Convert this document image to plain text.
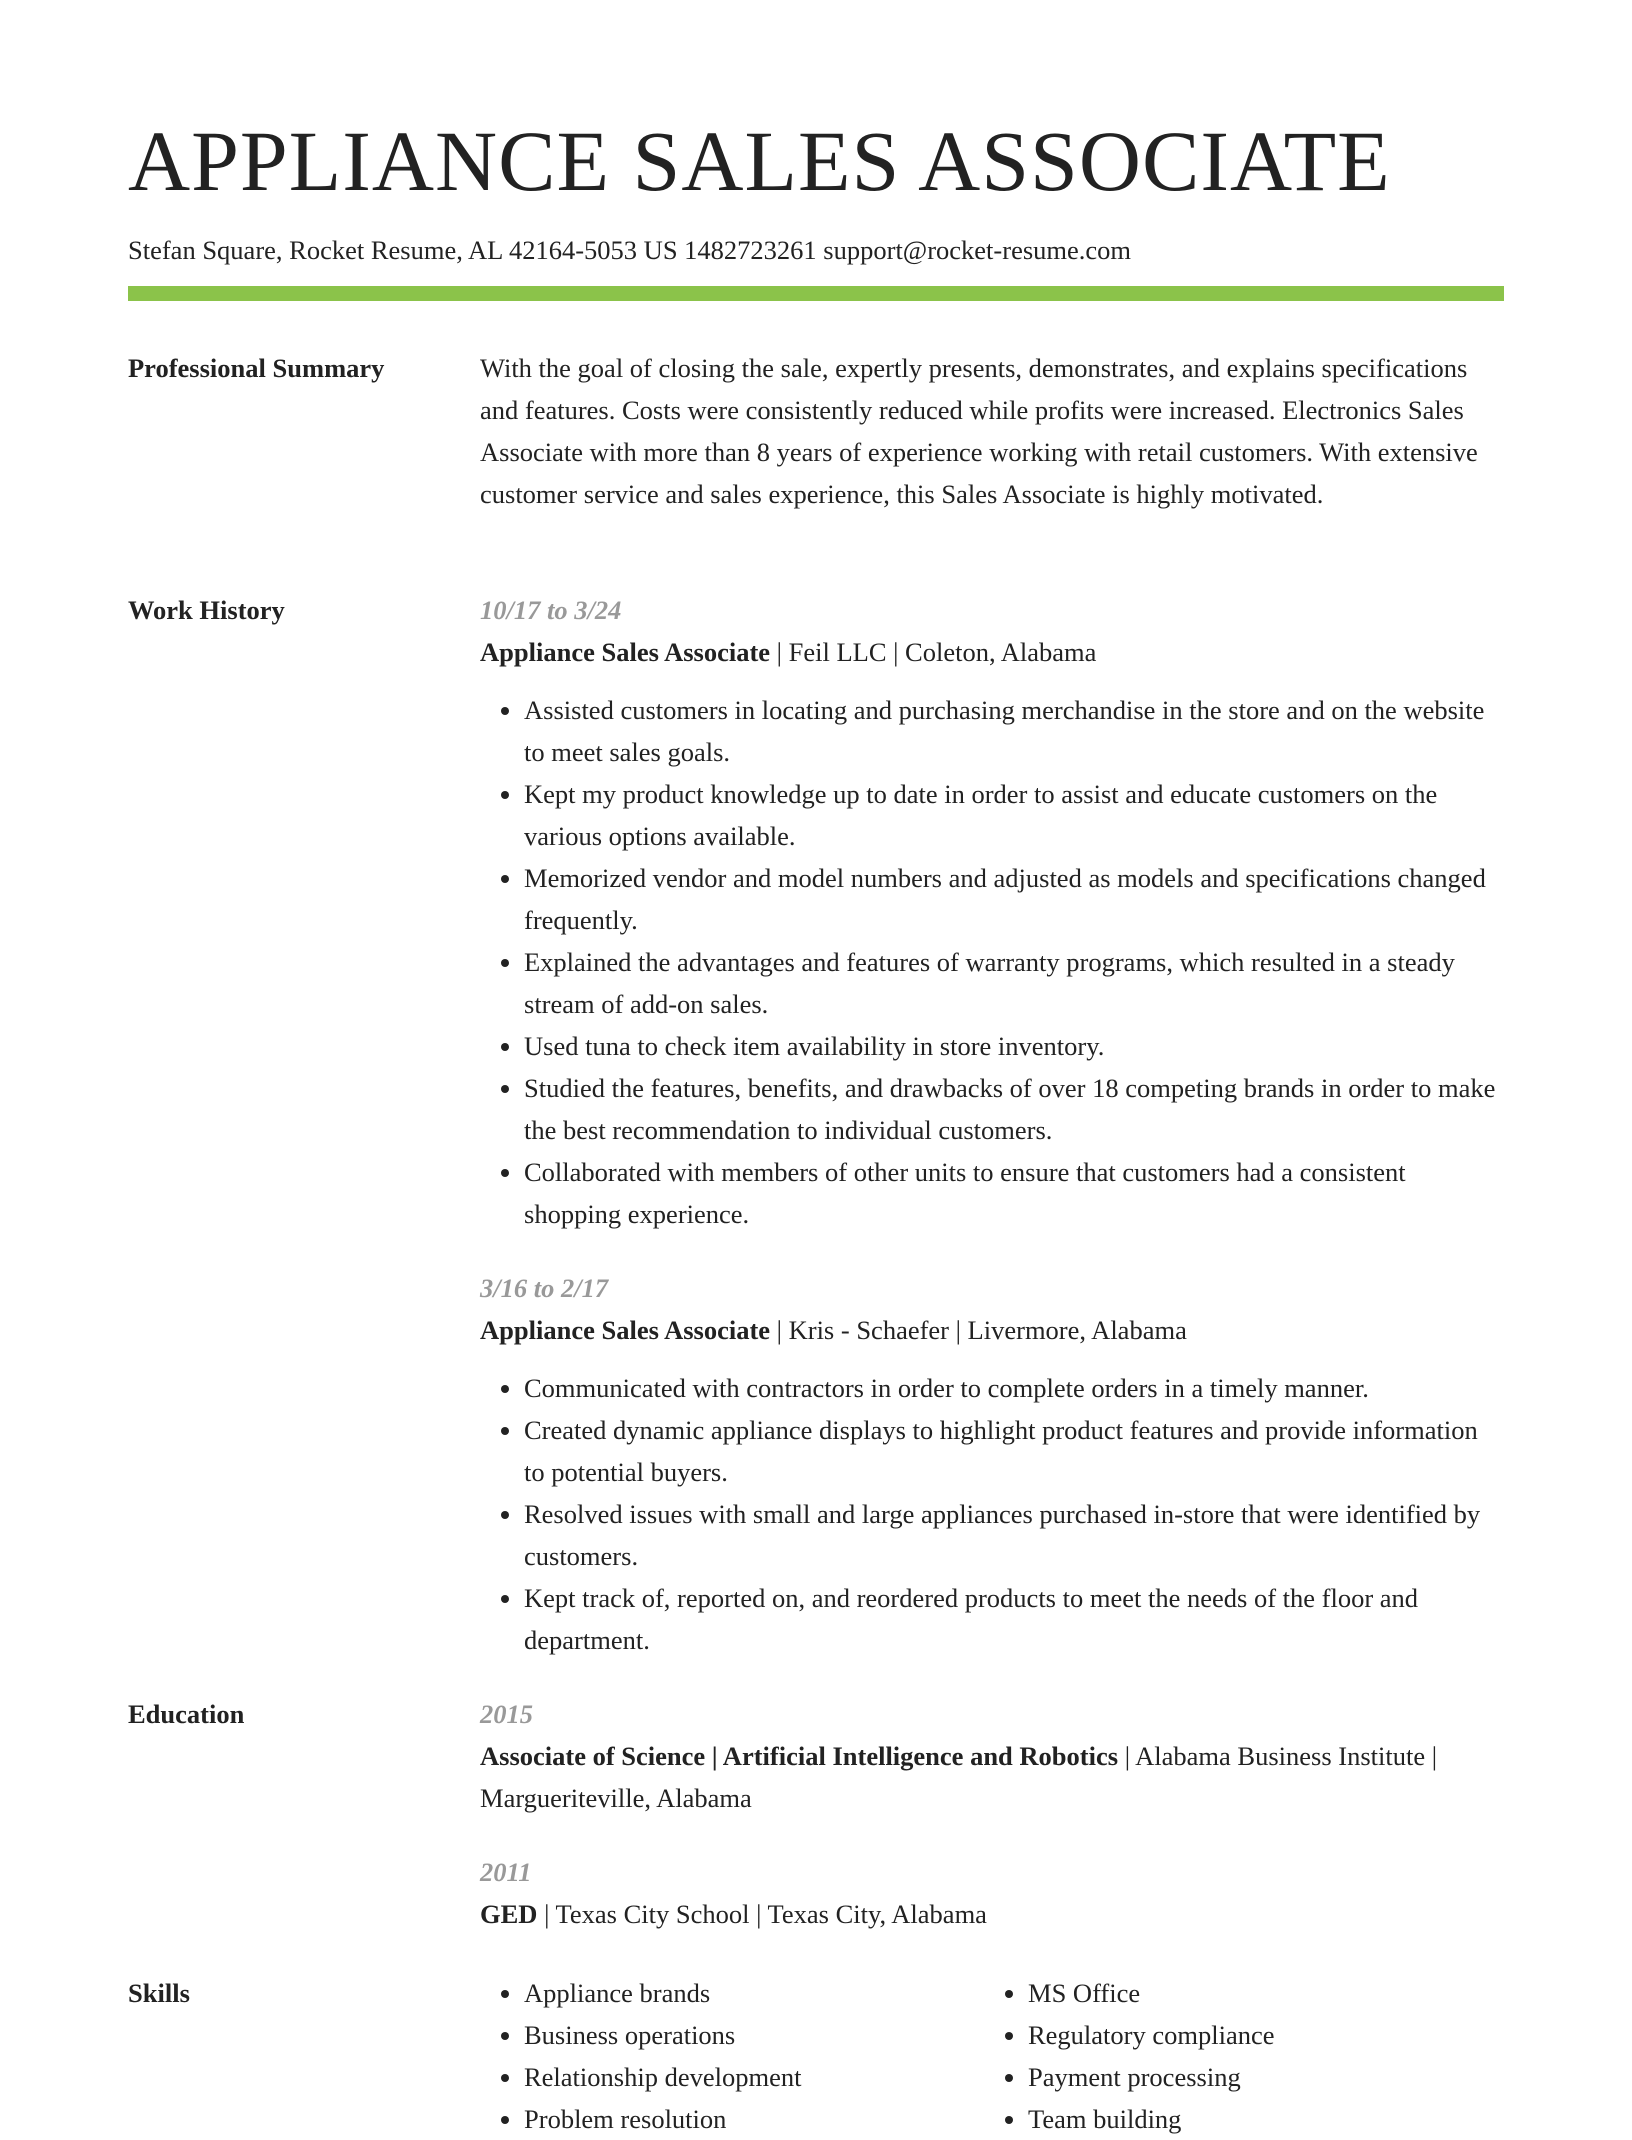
APPLIANCE SALES ASSOCIATE
Stefan Square, Rocket Resume, AL 42164-5053 US 1482723261 support@rocket-resume.com
Professional Summary	With the goal of closing the sale, expertly presents, demonstrates, and explains specifications and features. Costs were consistently reduced while profits were increased. Electronics Sales Associate with more than 8 years of experience working with retail customers. With extensive customer service and sales experience, this Sales Associate is highly motivated.

Work History	10/17 to 3/24
Appliance Sales Associate | Feil LLC | Coleton, Alabama
• Assisted customers in locating and purchasing merchandise in the store and on the website to meet sales goals.
• Kept my product knowledge up to date in order to assist and educate customers on the various options available.
• Memorized vendor and model numbers and adjusted as models and specifications changed frequently.
• Explained the advantages and features of warranty programs, which resulted in a steady stream of add-on sales.
• Used tuna to check item availability in store inventory.
• Studied the features, benefits, and drawbacks of over 18 competing brands in order to make the best recommendation to individual customers.
• Collaborated with members of other units to ensure that customers had a consistent shopping experience.
3/16 to 2/17
Appliance Sales Associate | Kris - Schaefer | Livermore, Alabama
• Communicated with contractors in order to complete orders in a timely manner.
• Created dynamic appliance displays to highlight product features and provide information to potential buyers.
• Resolved issues with small and large appliances purchased in-store that were identified by customers.
• Kept track of, reported on, and reordered products to meet the needs of the floor and department.
Education	2015
Associate of Science | Artificial Intelligence and Robotics | Alabama Business Institute | Margueriteville, Alabama
2011
GED | Texas City School | Texas City, Alabama
Skills
•	Appliance brands
• Business operations
• Relationship development
• Problem resolution
• MS Office
• Regulatory compliance
• Payment processing
• Team building
